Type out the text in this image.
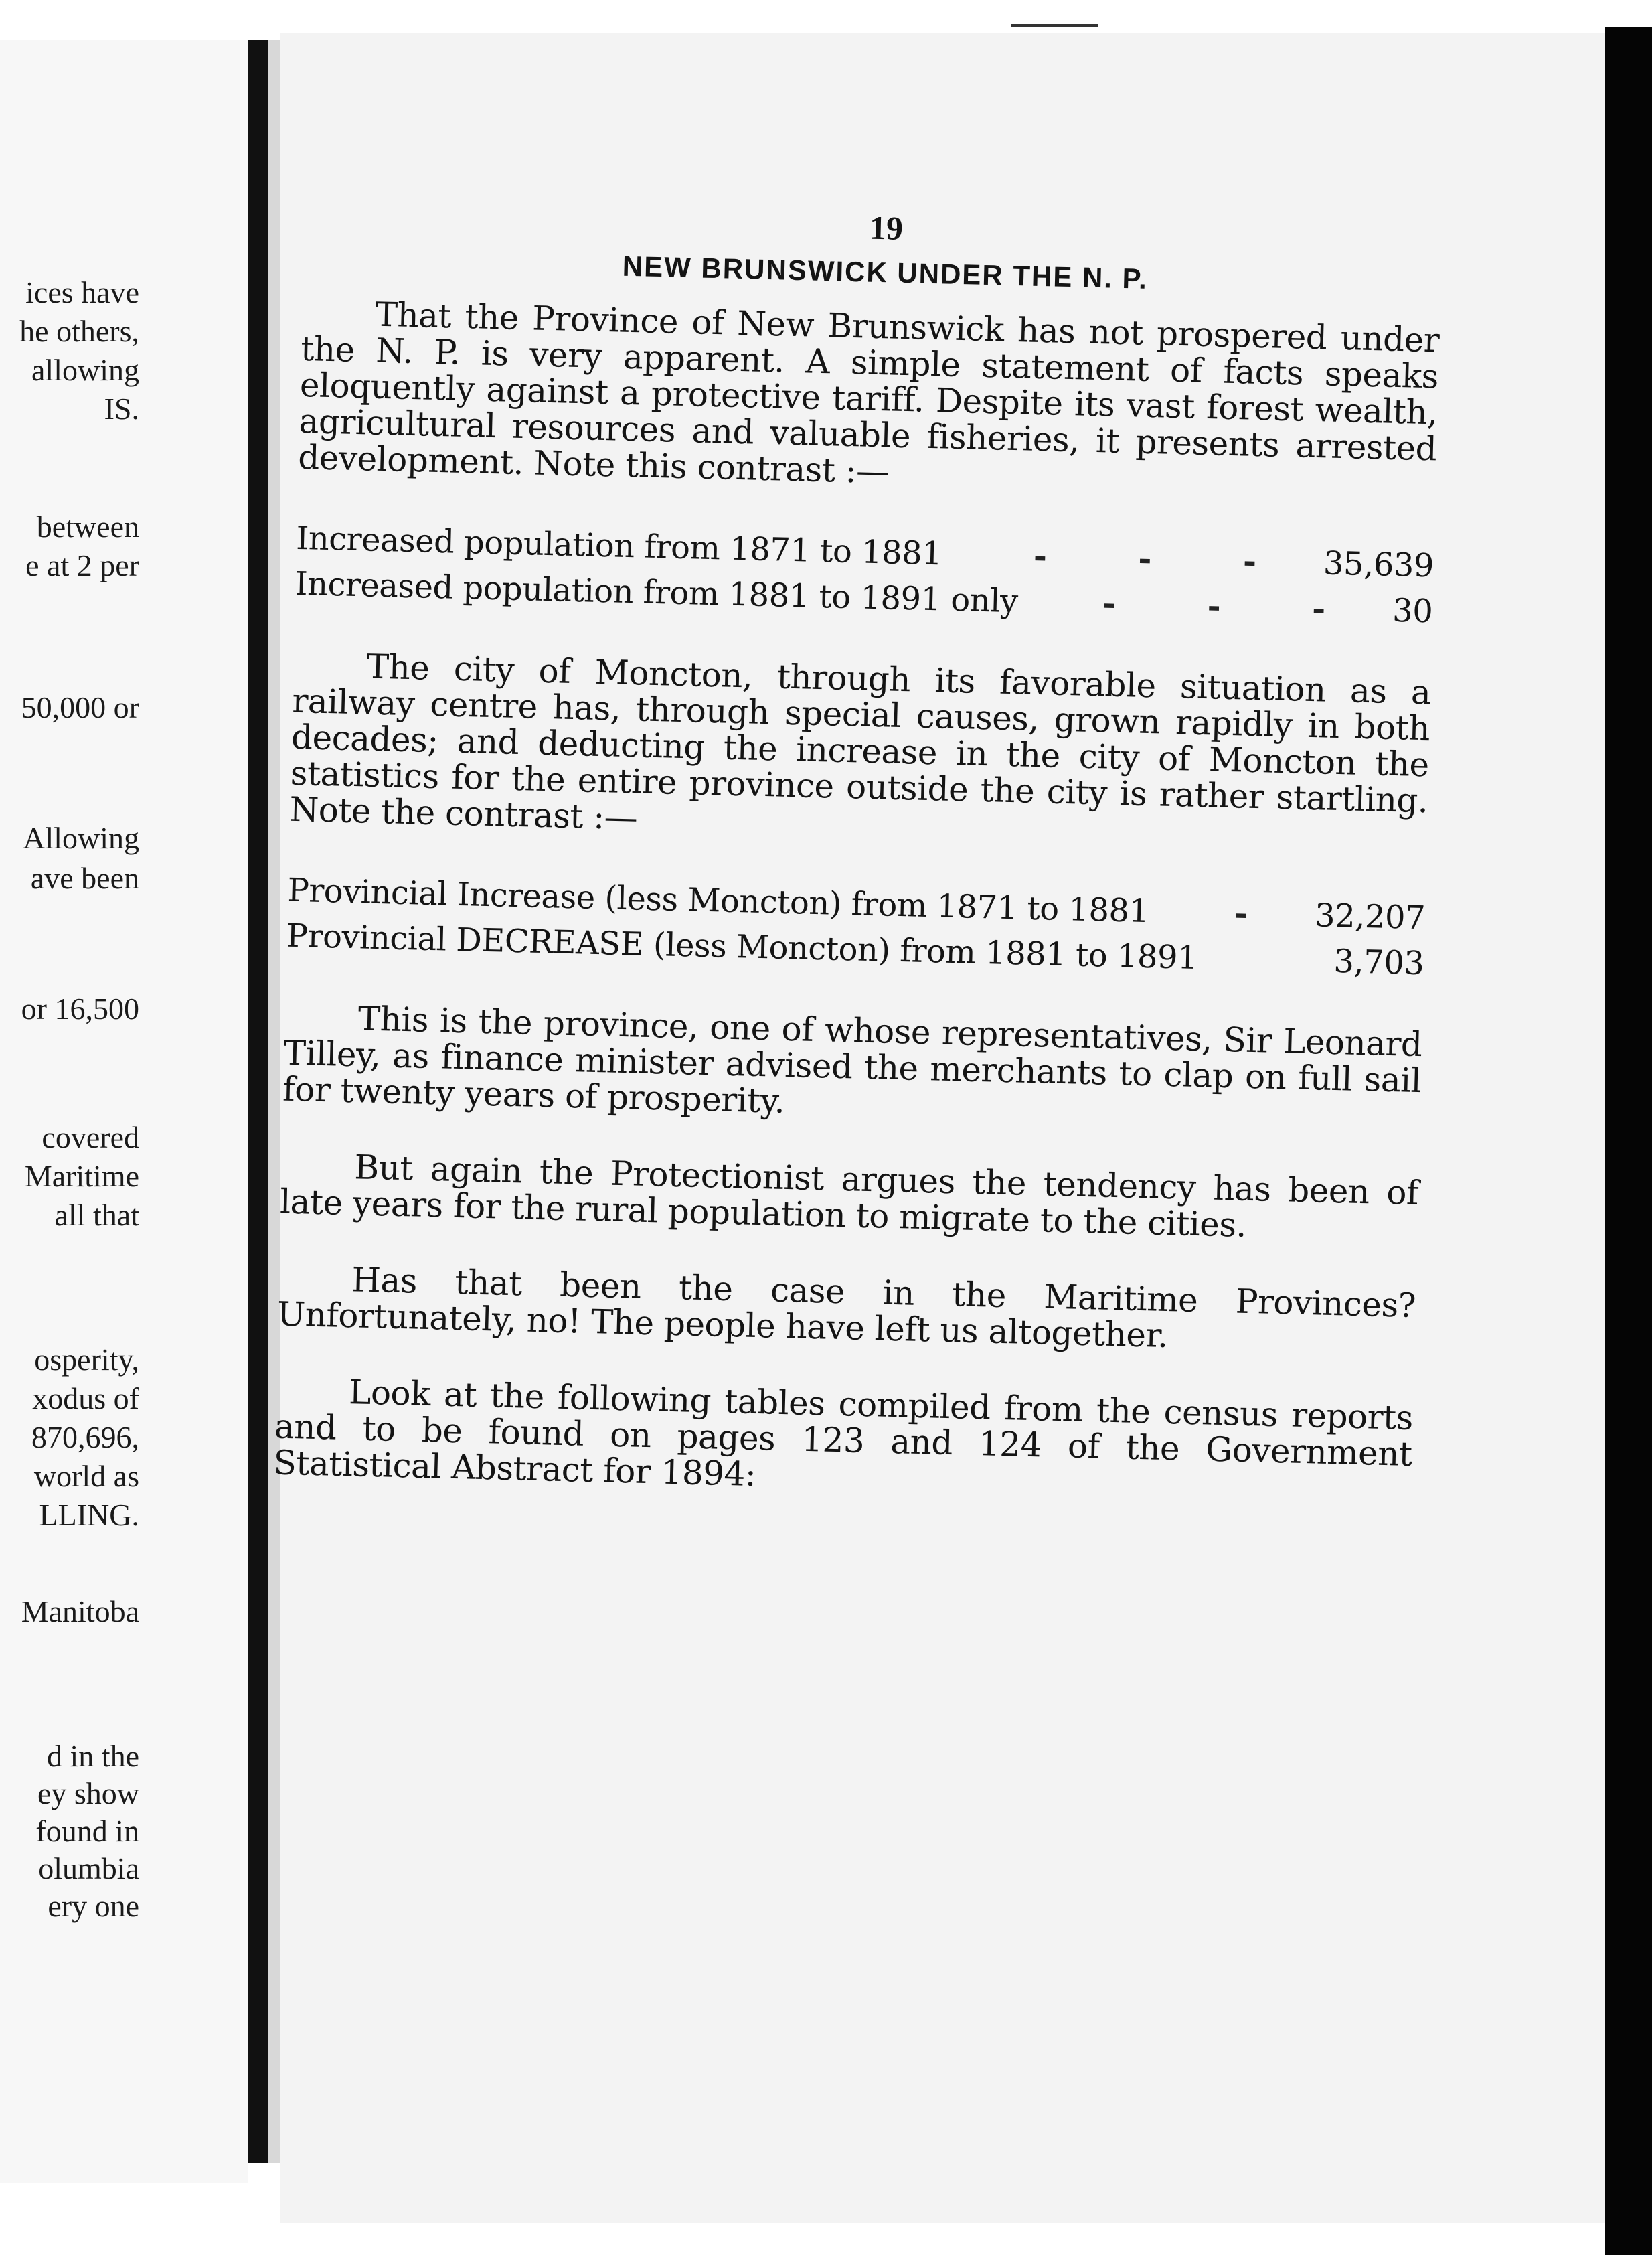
ices have
he others,
allowing
IS.
between
e at 2 per
50,000 or
Allowing
ave been
or 16,500
covered
Maritime
all that
osperity,
xodus of
870,696,
world as
LLING.
Manitoba
d in the
ey show
found in
olumbia
ery one
19
NEW BRUNSWICK UNDER THE N. P.

That the Province of New Brunswick has not prospered under the N. P. is very apparent. A simple statement of facts speaks eloquently against a protective tariff. Despite its vast forest wealth, agricultural resources and valuable fisheries, it presents arrested development. Note this contrast :—

Increased population from 1871 to 1881	- - - 35,639
Increased population from 1881 to 1891 only	- - - 30

The city of Moncton, through its favorable situation as a railway centre has, through special causes, grown rapidly in both decades; and deducting the increase in the city of Moncton the statistics for the entire province outside the city is rather startling. Note the contrast :—

Provincial Increase (less Moncton) from 1871 to 1881	- 32,207
Provincial DECREASE (less Moncton) from 1881 to 1891	3,703

This is the province, one of whose representatives, Sir Leonard Tilley, as finance minister advised the merchants to clap on full sail for twenty years of prosperity.

But again the Protectionist argues the tendency has been of late years for the rural population to migrate to the cities.

Has that been the case in the Maritime Provinces? Unfortunately, no! The people have left us altogether.

Look at the following tables compiled from the census reports and to be found on pages 123 and 124 of the Government Statistical Abstract for 1894:
